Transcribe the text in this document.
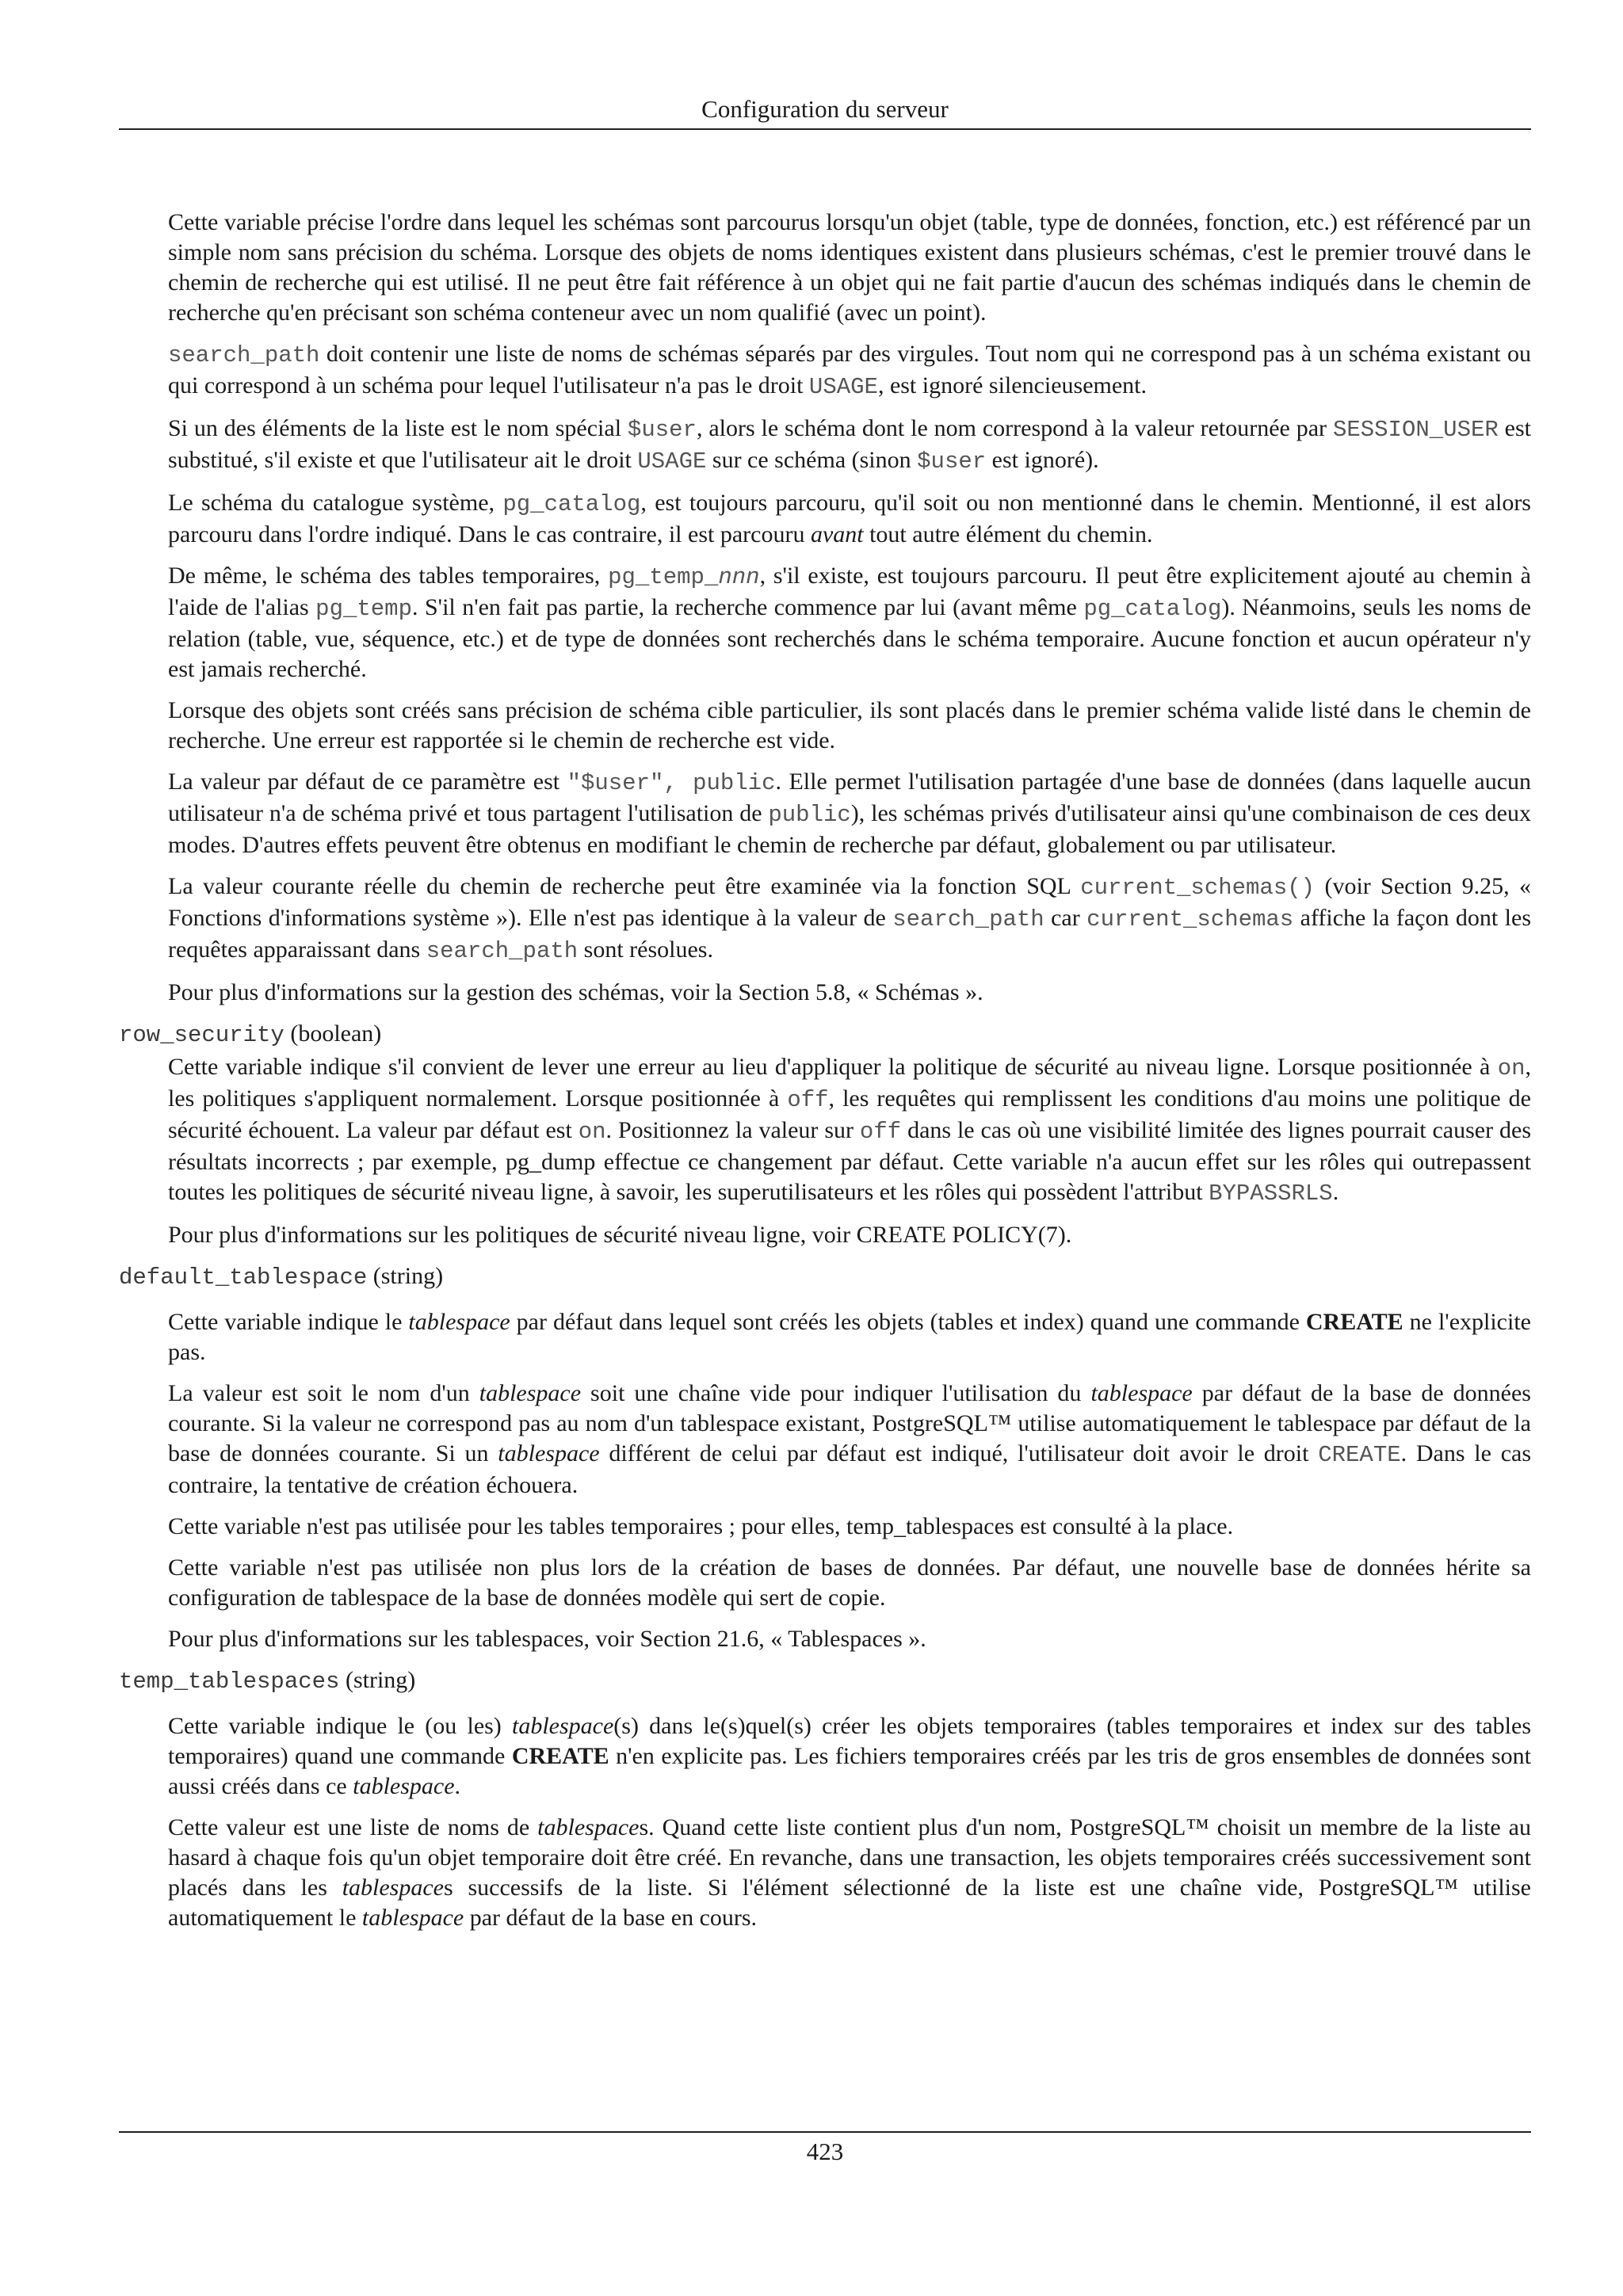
Configuration du serveur

Cette variable précise l'ordre dans lequel les schémas sont parcourus lorsqu'un objet (table, type de données, fonction, etc.) est référencé par un simple nom sans précision du schéma. Lorsque des objets de noms identiques existent dans plusieurs schémas, c'est le premier trouvé dans le chemin de recherche qui est utilisé. Il ne peut être fait référence à un objet qui ne fait partie d'aucun des schémas indiqués dans le chemin de recherche qu'en précisant son schéma conteneur avec un nom qualifié (avec un point).

search_path doit contenir une liste de noms de schémas séparés par des virgules. Tout nom qui ne correspond pas à un schéma existant ou qui correspond à un schéma pour lequel l'utilisateur n'a pas le droit USAGE, est ignoré silencieusement.

Si un des éléments de la liste est le nom spécial $user, alors le schéma dont le nom correspond à la valeur retournée par SESSION_USER est substitué, s'il existe et que l'utilisateur ait le droit USAGE sur ce schéma (sinon $user est ignoré).

Le schéma du catalogue système, pg_catalog, est toujours parcouru, qu'il soit ou non mentionné dans le chemin. Mentionné, il est alors parcouru dans l'ordre indiqué. Dans le cas contraire, il est parcouru avant tout autre élément du chemin.

De même, le schéma des tables temporaires, pg_temp_nnn, s'il existe, est toujours parcouru. Il peut être explicitement ajouté au chemin à l'aide de l'alias pg_temp. S'il n'en fait pas partie, la recherche commence par lui (avant même pg_catalog). Néanmoins, seuls les noms de relation (table, vue, séquence, etc.) et de type de données sont recherchés dans le schéma temporaire. Aucune fonction et aucun opérateur n'y est jamais recherché.

Lorsque des objets sont créés sans précision de schéma cible particulier, ils sont placés dans le premier schéma valide listé dans le chemin de recherche. Une erreur est rapportée si le chemin de recherche est vide.

La valeur par défaut de ce paramètre est "$user", public. Elle permet l'utilisation partagée d'une base de données (dans laquelle aucun utilisateur n'a de schéma privé et tous partagent l'utilisation de public), les schémas privés d'utilisateur ainsi qu'une combinaison de ces deux modes. D'autres effets peuvent être obtenus en modifiant le chemin de recherche par défaut, globalement ou par utilisateur.

La valeur courante réelle du chemin de recherche peut être examinée via la fonction SQL current_schemas() (voir Section 9.25, « Fonctions d'informations système »). Elle n'est pas identique à la valeur de search_path car current_schemas affiche la façon dont les requêtes apparaissant dans search_path sont résolues.

Pour plus d'informations sur la gestion des schémas, voir la Section 5.8, « Schémas ».

row_security (boolean)

Cette variable indique s'il convient de lever une erreur au lieu d'appliquer la politique de sécurité au niveau ligne. Lorsque positionnée à on, les politiques s'appliquent normalement. Lorsque positionnée à off, les requêtes qui remplissent les conditions d'au moins une politique de sécurité échouent. La valeur par défaut est on. Positionnez la valeur sur off dans le cas où une visibilité limitée des lignes pourrait causer des résultats incorrects ; par exemple, pg_dump effectue ce changement par défaut. Cette variable n'a aucun effet sur les rôles qui outrepassent toutes les politiques de sécurité niveau ligne, à savoir, les superutilisateurs et les rôles qui possèdent l'attribut BYPASSRLS.

Pour plus d'informations sur les politiques de sécurité niveau ligne, voir CREATE POLICY(7).

default_tablespace (string)

Cette variable indique le tablespace par défaut dans lequel sont créés les objets (tables et index) quand une commande CREATE ne l'explicite pas.

La valeur est soit le nom d'un tablespace soit une chaîne vide pour indiquer l'utilisation du tablespace par défaut de la base de données courante. Si la valeur ne correspond pas au nom d'un tablespace existant, PostgreSQL™ utilise automatiquement le tablespace par défaut de la base de données courante. Si un tablespace différent de celui par défaut est indiqué, l'utilisateur doit avoir le droit CREATE. Dans le cas contraire, la tentative de création échouera.

Cette variable n'est pas utilisée pour les tables temporaires ; pour elles, temp_tablespaces est consulté à la place.

Cette variable n'est pas utilisée non plus lors de la création de bases de données. Par défaut, une nouvelle base de données hérite sa configuration de tablespace de la base de données modèle qui sert de copie.

Pour plus d'informations sur les tablespaces, voir Section 21.6, « Tablespaces ».

temp_tablespaces (string)

Cette variable indique le (ou les) tablespace(s) dans le(s)quel(s) créer les objets temporaires (tables temporaires et index sur des tables temporaires) quand une commande CREATE n'en explicite pas. Les fichiers temporaires créés par les tris de gros ensembles de données sont aussi créés dans ce tablespace.

Cette valeur est une liste de noms de tablespaces. Quand cette liste contient plus d'un nom, PostgreSQL™ choisit un membre de la liste au hasard à chaque fois qu'un objet temporaire doit être créé. En revanche, dans une transaction, les objets temporaires créés successivement sont placés dans les tablespaces successifs de la liste. Si l'élément sélectionné de la liste est une chaîne vide, PostgreSQL™ utilise automatiquement le tablespace par défaut de la base en cours.

423
